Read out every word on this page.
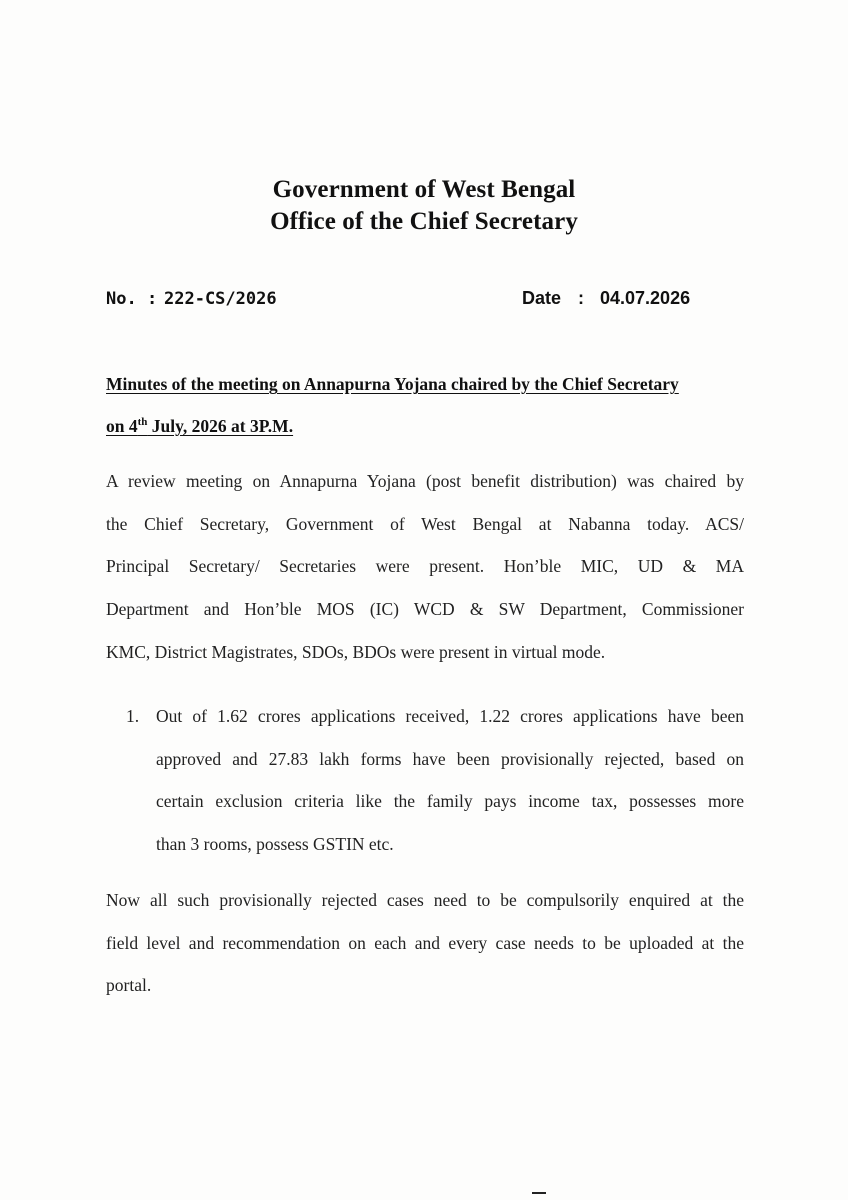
Government of West Bengal
Office of the Chief Secretary
No. : 222-CS/2026	Date : 04.07.2026
Minutes of the meeting on Annapurna Yojana chaired by the Chief Secretary
on 4th July, 2026 at 3P.M.
A review meeting on Annapurna Yojana (post benefit distribution) was chaired by
the Chief Secretary, Government of West Bengal at Nabanna today. ACS/
Principal Secretary/ Secretaries were present. Hon’ble MIC, UD & MA
Department and Hon’ble MOS (IC) WCD & SW Department, Commissioner
KMC, District Magistrates, SDOs, BDOs were present in virtual mode.
1. Out of 1.62 crores applications received, 1.22 crores applications have been
approved and 27.83 lakh forms have been provisionally rejected, based on
certain exclusion criteria like the family pays income tax, possesses more
than 3 rooms, possess GSTIN etc.
Now all such provisionally rejected cases need to be compulsorily enquired at the
field level and recommendation on each and every case needs to be uploaded at the
portal.
